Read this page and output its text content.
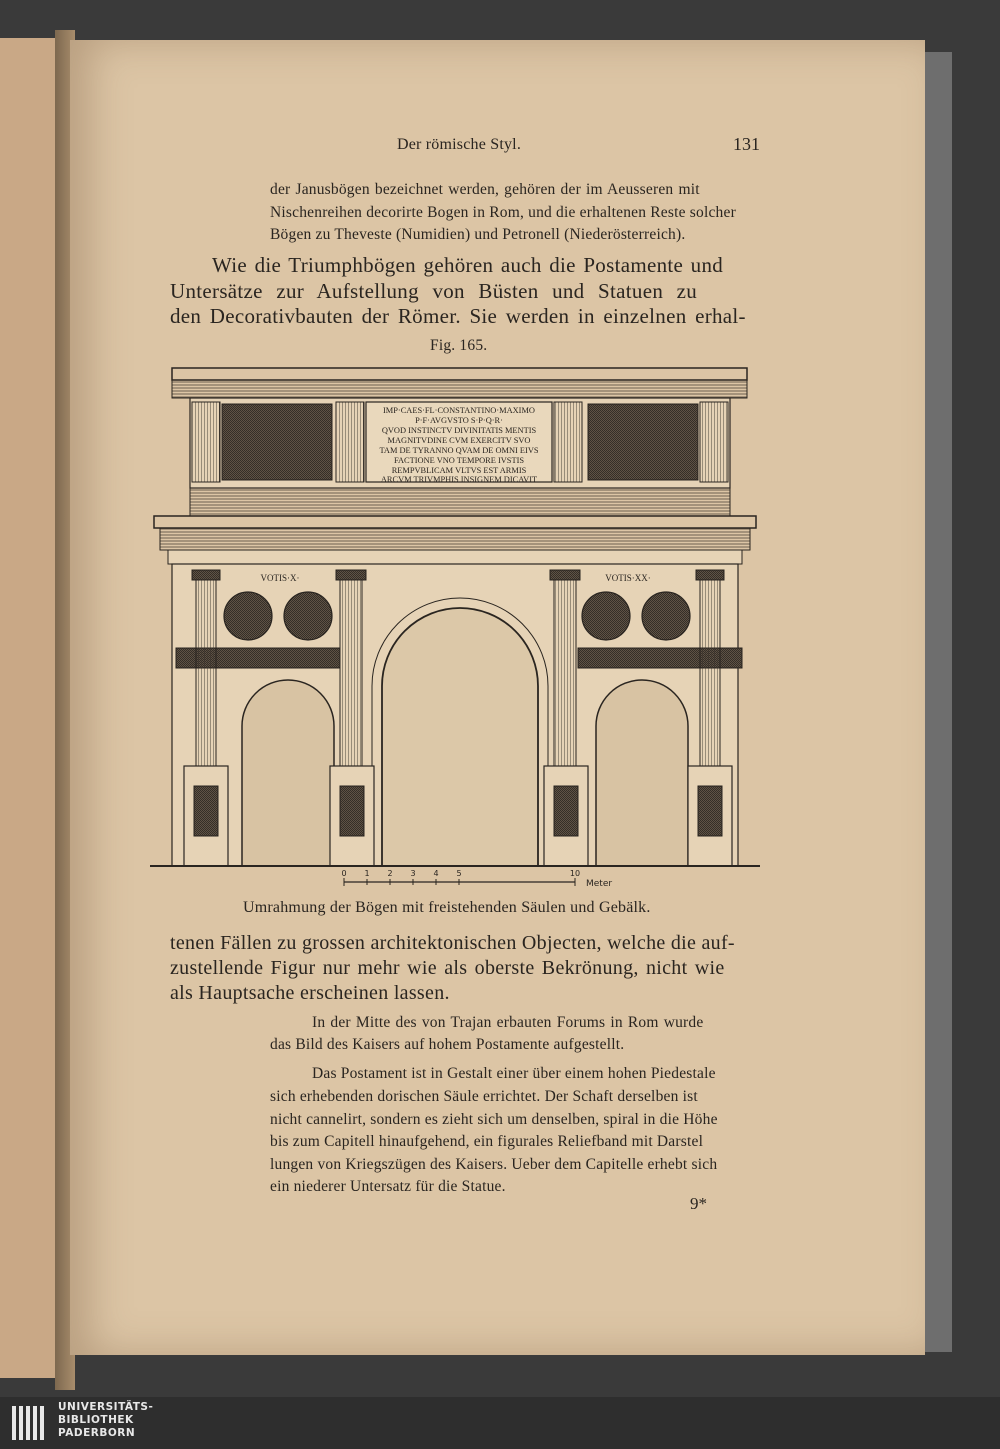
Der römische Styl.	131
der Janusbögen bezeichnet werden, gehören der im Aeusseren mit
Nischenreihen decorirte Bogen in Rom, und die erhaltenen Reste solcher
Bögen zu Theveste (Numidien) und Petronell (Niederösterreich).
Wie die Triumphbögen gehören auch die Postamente und
Untersätze zur Aufstellung von Büsten und Statuen zu
den Decorativbauten der Römer. Sie werden in einzelnen erhal-
Fig. 165.
IMP·CAES·FL·CONSTANTINO·MAXIMO
P·F·AVGVSTO S·P·Q·R·
QVOD INSTINCTV DIVINITATIS MENTIS
MAGNITVDINE CVM EXERCITV SVO
TAM DE TYRANNO QVAM DE OMNI EIVS
FACTIONE VNO TEMPORE IVSTIS
REMPVBLICAM VLTVS EST ARMIS
ARCVM TRIVMPHIS INSIGNEM DICAVIT
VOTIS·X·	VOTIS·XX·
0 1 2 3 4 5	10
Meter
Umrahmung der Bögen mit freistehenden Säulen und Gebälk.
tenen Fällen zu grossen architektonischen Objecten, welche die auf-
zustellende Figur nur mehr wie als oberste Bekrönung, nicht wie
als Hauptsache erscheinen lassen.
In der Mitte des von Trajan erbauten Forums in Rom wurde
das Bild des Kaisers auf hohem Postamente aufgestellt.
Das Postament ist in Gestalt einer über einem hohen Piedestale
sich erhebenden dorischen Säule errichtet. Der Schaft derselben ist
nicht cannelirt, sondern es zieht sich um denselben, spiral in die Höhe
bis zum Capitell hinaufgehend, ein figurales Reliefband mit Darstel
lungen von Kriegszügen des Kaisers. Ueber dem Capitelle erhebt sich
ein niederer Untersatz für die Statue.
9*
UNIVERSITÄTS-
BIBLIOTHEK
PADERBORN
